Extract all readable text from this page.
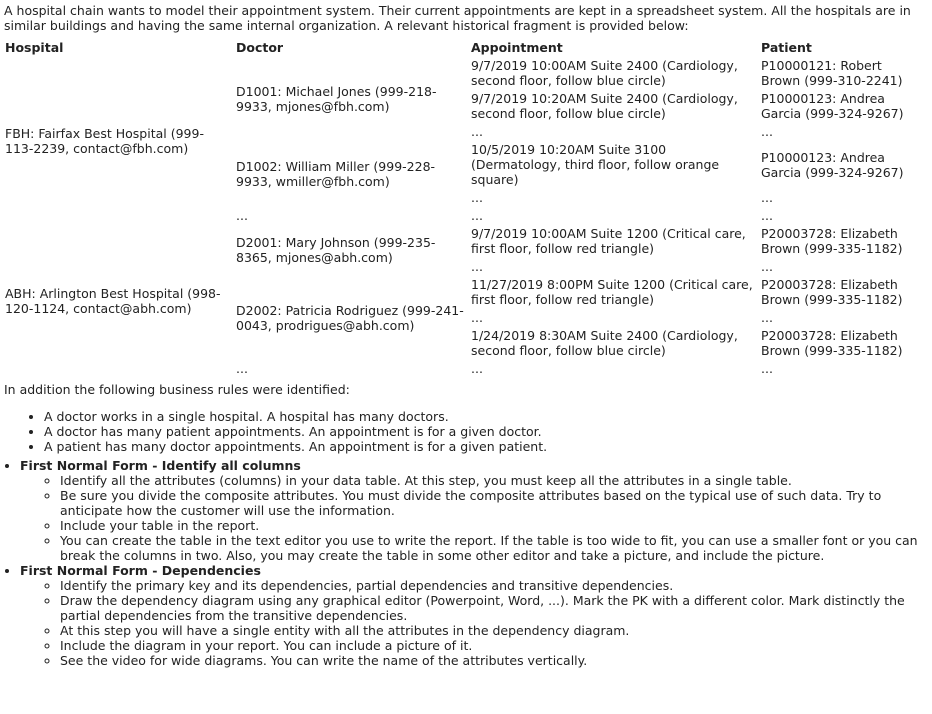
A hospital chain wants to model their appointment system. Their current appointments are kept in a spreadsheet system. All the hospitals are in similar buildings and having the same internal organization. A relevant historical fragment is provided below:
Hospital	Doctor	Appointment	Patient
FBH: Fairfax Best Hospital (999-113-2239, contact@fbh.com)	D1001: Michael Jones (999-218-9933, mjones@fbh.com)	9/7/2019 10:00AM Suite 2400 (Cardiology, second floor, follow blue circle)	P10000121: Robert Brown (999-310-2241)
		9/7/2019 10:20AM Suite 2400 (Cardiology, second floor, follow blue circle)	P10000123: Andrea Garcia (999-324-9267)
		...	...
	D1002: William Miller (999-228-9933, wmiller@fbh.com)	10/5/2019 10:20AM Suite 3100 (Dermatology, third floor, follow orange square)	P10000123: Andrea Garcia (999-324-9267)
		...	...
	...	...	...
ABH: Arlington Best Hospital (998-120-1124, contact@abh.com)	D2001: Mary Johnson (999-235-8365, mjones@abh.com)	9/7/2019 10:00AM Suite 1200 (Critical care, first floor, follow red triangle)	P20003728: Elizabeth Brown (999-335-1182)
		...	...
	D2002: Patricia Rodriguez (999-241-0043, prodrigues@abh.com)	11/27/2019 8:00PM Suite 1200 (Critical care, first floor, follow red triangle)	P20003728: Elizabeth Brown (999-335-1182)
		...	...
		1/24/2019 8:30AM Suite 2400 (Cardiology, second floor, follow blue circle)	P20003728: Elizabeth Brown (999-335-1182)
	...	...	...
In addition the following business rules were identified:
• A doctor works in a single hospital. A hospital has many doctors.
• A doctor has many patient appointments. An appointment is for a given doctor.
• A patient has many doctor appointments. An appointment is for a given patient.
• First Normal Form - Identify all columns
◦ Identify all the attributes (columns) in your data table. At this step, you must keep all the attributes in a single table.
◦ Be sure you divide the composite attributes. You must divide the composite attributes based on the typical use of such data. Try to anticipate how the customer will use the information.
◦ Include your table in the report.
◦ You can create the table in the text editor you use to write the report. If the table is too wide to fit, you can use a smaller font or you can break the columns in two. Also, you may create the table in some other editor and take a picture, and include the picture.
• First Normal Form - Dependencies
◦ Identify the primary key and its dependencies, partial dependencies and transitive dependencies.
◦ Draw the dependency diagram using any graphical editor (Powerpoint, Word, ...). Mark the PK with a different color. Mark distinctly the partial dependencies from the transitive dependencies.
◦ At this step you will have a single entity with all the attributes in the dependency diagram.
◦ Include the diagram in your report. You can include a picture of it.
◦ See the video for wide diagrams. You can write the name of the attributes vertically.
